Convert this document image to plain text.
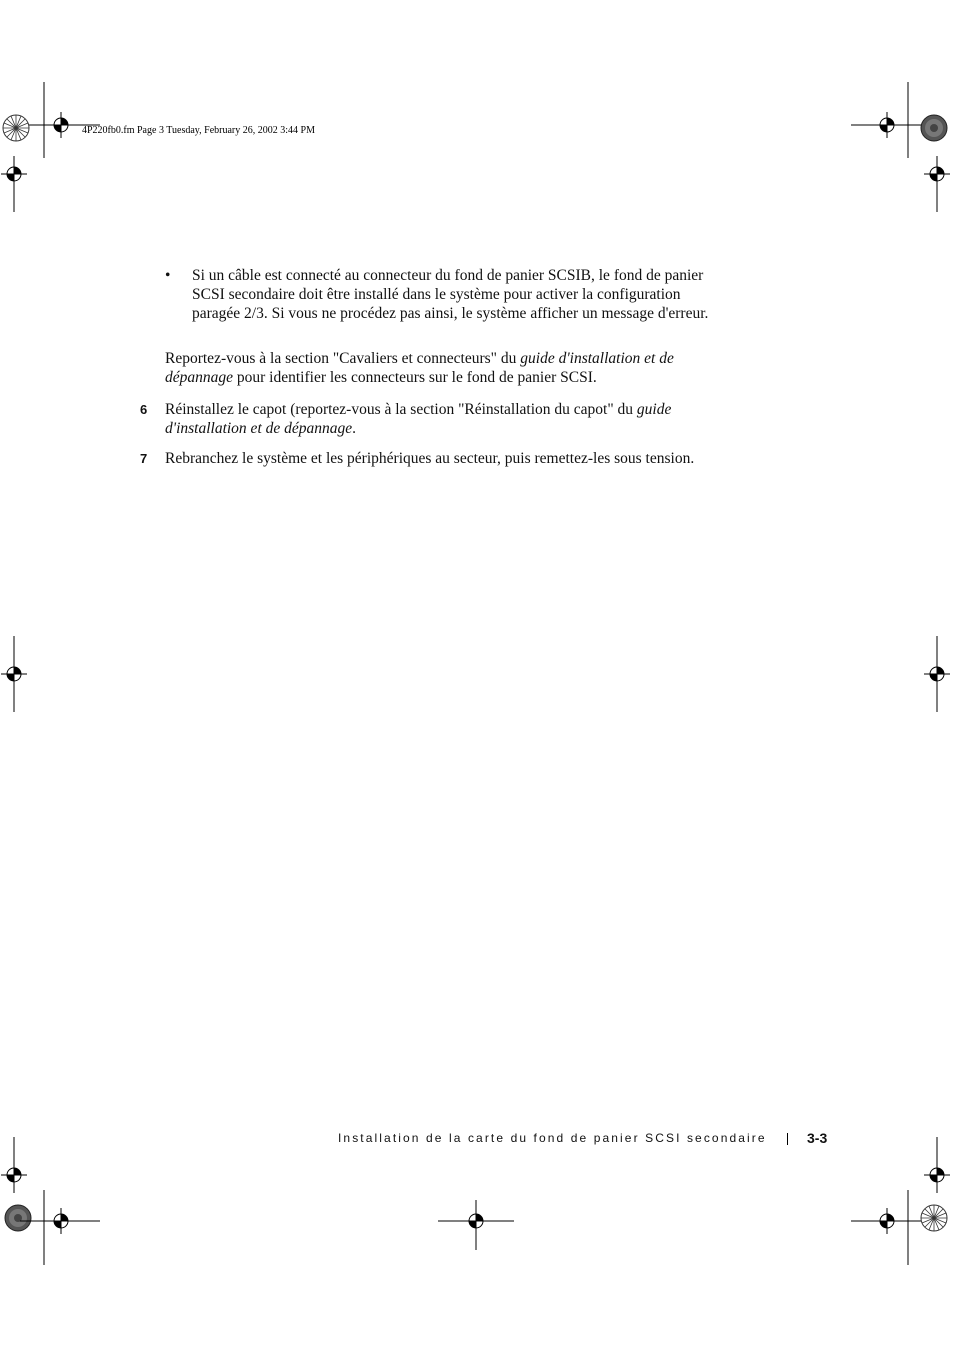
4P220fb0.fm Page 3 Tuesday, February 26, 2002 3:44 PM
•	Si un câble est connecté au connecteur du fond de panier SCSIB, le fond de panier SCSI secondaire doit être installé dans le système pour activer la configuration paragée 2/3. Si vous ne procédez pas ainsi, le système afficher un message d'erreur.
Reportez-vous à la section "Cavaliers et connecteurs" du guide d'installation et de dépannage pour identifier les connecteurs sur le fond de panier SCSI.
6 Réinstallez le capot (reportez-vous à la section "Réinstallation du capot" du guide d'installation et de dépannage.
7 Rebranchez le système et les périphériques au secteur, puis remettez-les sous tension.
Installation de la carte du fond de panier SCSI secondaire	3-3
